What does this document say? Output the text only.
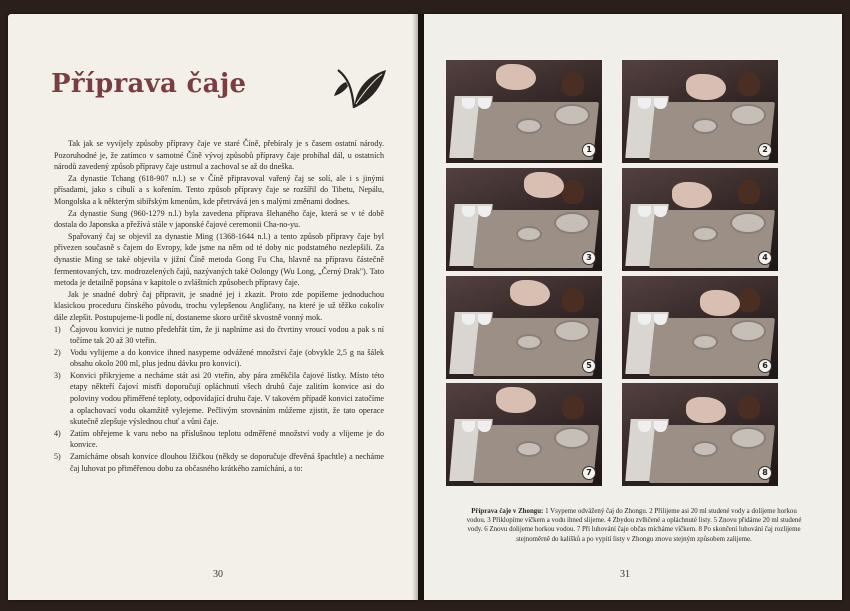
Příprava čaje

Tak jak se vyvíjely způsoby přípravy čaje ve staré Číně, přebíraly je s časem ostatní národy. Pozoruhodné je, že zatímco v samotné Číně vývoj způsobů přípravy čaje probíhal dál, u ostatních národů zavedený způsob přípravy čaje ustrnul a zachoval se až do dneška.

Za dynastie Tchang (618-907 n.l.) se v Číně připravoval vařený čaj se solí, ale i s jinými přísadami, jako s cibulí a s kořením. Tento způsob přípravy čaje se rozšířil do Tibetu, Nepálu, Mongolska a k některým sibiřským kmenům, kde přetrvává jen s malými změnami dodnes.

Za dynastie Sung (960-1279 n.l.) byla zavedena příprava šlehaného čaje, která se v té době dostala do Japonska a přežívá stále v japonské čajové ceremonii Cha-no-yu.

Spařovaný čaj se objevil za dynastie Ming (1368-1644 n.l.) a tento způsob přípravy čaje byl přivezen současně s čajem do Evropy, kde jsme na něm od té doby nic podstatného nezlepšili. Za dynastie Ming se také objevila v jižní Číně metoda Gong Fu Cha, hlavně na přípravu částečně fermentovaných, tzv. modrozelených čajů, nazývaných také Oolongy (Wu Long, „Černý Drak"). Tato metoda je detailně popsána v kapitole o zvláštních způsobech přípravy čaje.

Jak je snadné dobrý čaj připravit, je snadné jej i zkazit. Proto zde popíšeme jednoduchou klasickou proceduru čínského původu, trochu vylepšenou Angličany, na které je už těžko cokoliv dále zlepšit. Postupujeme-li podle ní, dostaneme skoro určitě skvostně vonný mok.

1) Čajovou konvici je nutno předehřát tím, že ji naplníme asi do čtvrtiny vroucí vodou a pak s ní točíme tak 20 až 30 vteřin.
2) Vodu vylijeme a do konvice ihned nasypeme odvážené množství čaje (obvykle 2,5 g na šálek obsahu okolo 200 ml, plus jednu dávku pro konvici).
3) Konvici přikryjeme a necháme stát asi 20 vteřin, aby pára změkčila čajové lístky. Místo této etapy někteří čajoví mistři doporučují opláchnutí všech druhů čaje zalitím konvice asi do poloviny vodou přiměřené teploty, odpovídající druhu čaje. V takovém případě konvici zatočíme a oplachovací vodu okamžitě vylejeme. Pečlivým srovnáním můžeme zjistit, že tato operace skutečně zlepšuje výslednou chuť a vůni čaje.
4) Zatím ohřejeme k varu nebo na příslušnou teplotu odměřené množství vody a vlijeme je do konvice.
5) Zamícháme obsah konvice dlouhou lžičkou (někdy se doporučuje dřevěná špachtle) a necháme čaj luhovat po přiměřenou dobu za občasného krátkého zamíchání, a to:
30
1	2
3	4
5	6
7	8
Příprava čaje v Zhongu: 1 Vsypeme odvážený čaj do Zhongu. 2 Přilijeme asi 20 ml studené vody a dolijeme horkou vodou. 3 Přiklopíme víčkem a vodu ihned slijeme. 4 Zbydou zvlhčené a opláchnuté listy. 5 Znovu přidáme 20 ml studené vody. 6 Znovu dolijeme horkou vodou. 7 Při luhování čaje občas mícháme víčkem. 8 Po skončení luhování čaj rozlijeme stejnoměrně do kalíšků a po vypití listy v Zhongu znovu stejným způsobem zalijeme.
31
